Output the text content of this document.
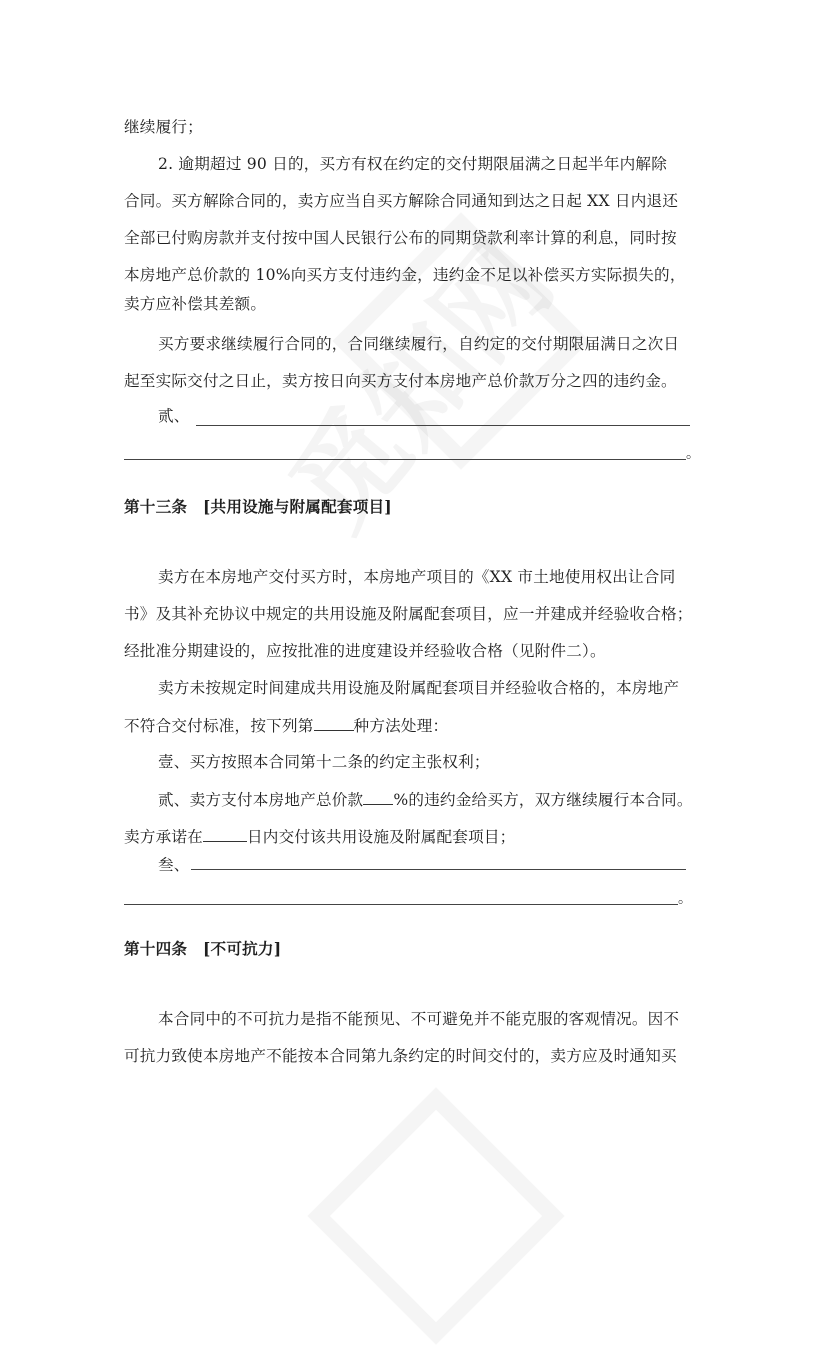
继续履行；
2. 逾期超过 90 日的，买方有权在约定的交付期限届满之日起半年内解除
合同。买方解除合同的，卖方应当自买方解除合同通知到达之日起 XX 日内退还
全部已付购房款并支付按中国人民银行公布的同期贷款利率计算的利息，同时按
本房地产总价款的 10%向买方支付违约金，违约金不足以补偿买方实际损失的，
卖方应补偿其差额。
买方要求继续履行合同的，合同继续履行，自约定的交付期限届满日之次日
起至实际交付之日止，卖方按日向买方支付本房地产总价款万分之四的违约金。
贰、
。
第十三条　[共用设施与附属配套项目]
卖方在本房地产交付买方时，本房地产项目的《XX 市土地使用权出让合同
书》及其补充协议中规定的共用设施及附属配套项目，应一并建成并经验收合格；
经批准分期建设的，应按批准的进度建设并经验收合格（见附件二）。
卖方未按规定时间建成共用设施及附属配套项目并经验收合格的，本房地产
不符合交付标准，按下列第	种方法处理：
壹、买方按照本合同第十二条的约定主张权利；
贰、卖方支付本房地产总价款 %的违约金给买方，双方继续履行本合同。
卖方承诺在	日内交付该共用设施及附属配套项目；
叁、
。
第十四条　[不可抗力]
本合同中的不可抗力是指不能预见、不可避免并不能克服的客观情况。因不
可抗力致使本房地产不能按本合同第九条约定的时间交付的，卖方应及时通知买
